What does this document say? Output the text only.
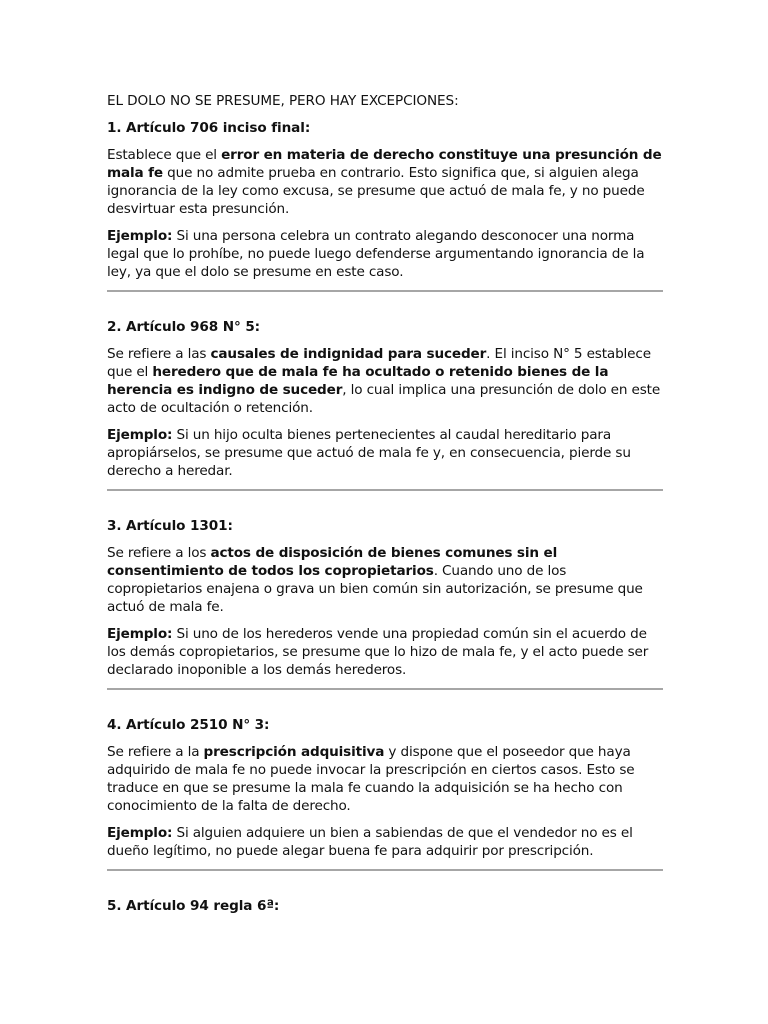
EL DOLO NO SE PRESUME, PERO HAY EXCEPCIONES:

1. Artículo 706 inciso final:

Establece que el error en materia de derecho constituye una presunción de mala fe que no admite prueba en contrario. Esto significa que, si alguien alega ignorancia de la ley como excusa, se presume que actuó de mala fe, y no puede desvirtuar esta presunción.

Ejemplo: Si una persona celebra un contrato alegando desconocer una norma legal que lo prohíbe, no puede luego defenderse argumentando ignorancia de la ley, ya que el dolo se presume en este caso.

2. Artículo 968 N° 5:

Se refiere a las causales de indignidad para suceder. El inciso N° 5 establece que el heredero que de mala fe ha ocultado o retenido bienes de la herencia es indigno de suceder, lo cual implica una presunción de dolo en este acto de ocultación o retención.

Ejemplo: Si un hijo oculta bienes pertenecientes al caudal hereditario para apropiárselos, se presume que actuó de mala fe y, en consecuencia, pierde su derecho a heredar.

3. Artículo 1301:

Se refiere a los actos de disposición de bienes comunes sin el consentimiento de todos los copropietarios. Cuando uno de los copropietarios enajena o grava un bien común sin autorización, se presume que actuó de mala fe.

Ejemplo: Si uno de los herederos vende una propiedad común sin el acuerdo de los demás copropietarios, se presume que lo hizo de mala fe, y el acto puede ser declarado inoponible a los demás herederos.

4. Artículo 2510 N° 3:

Se refiere a la prescripción adquisitiva y dispone que el poseedor que haya adquirido de mala fe no puede invocar la prescripción en ciertos casos. Esto se traduce en que se presume la mala fe cuando la adquisición se ha hecho con conocimiento de la falta de derecho.

Ejemplo: Si alguien adquiere un bien a sabiendas de que el vendedor no es el dueño legítimo, no puede alegar buena fe para adquirir por prescripción.

5. Artículo 94 regla 6ª:
